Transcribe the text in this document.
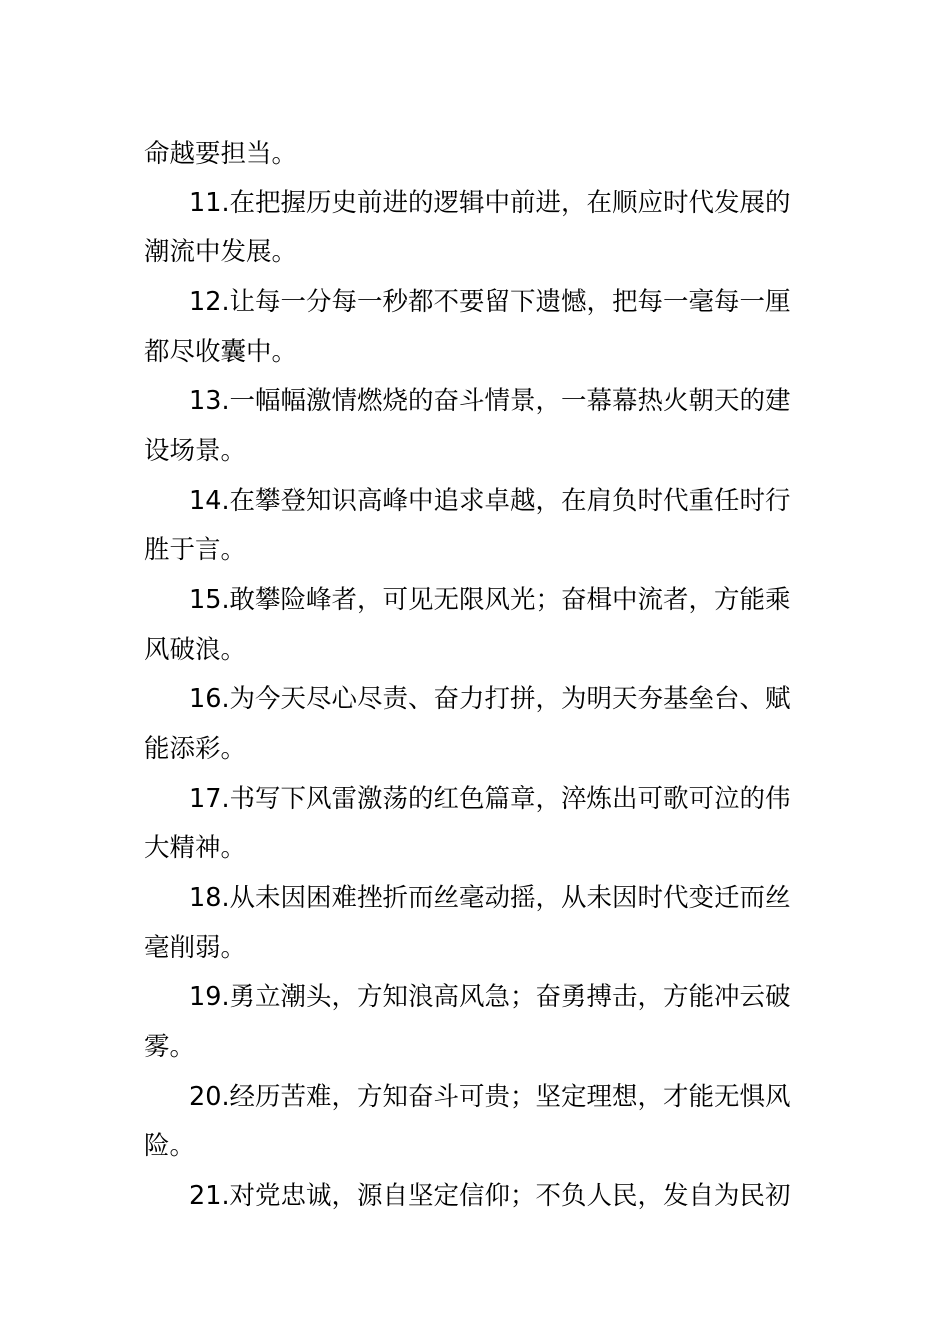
命越要担当。
11.在把握历史前进的逻辑中前进，在顺应时代发展的
潮流中发展。
12.让每一分每一秒都不要留下遗憾，把每一毫每一厘
都尽收囊中。
13.一幅幅激情燃烧的奋斗情景，一幕幕热火朝天的建
设场景。
14.在攀登知识高峰中追求卓越，在肩负时代重任时行
胜于言。
15.敢攀险峰者，可见无限风光；奋楫中流者，方能乘
风破浪。
16.为今天尽心尽责、奋力打拼，为明天夯基垒台、赋
能添彩。
17.书写下风雷激荡的红色篇章，淬炼出可歌可泣的伟
大精神。
18.从未因困难挫折而丝毫动摇，从未因时代变迁而丝
毫削弱。
19.勇立潮头，方知浪高风急；奋勇搏击，方能冲云破
雾。
20.经历苦难，方知奋斗可贵；坚定理想，才能无惧风
险。
21.对党忠诚，源自坚定信仰；不负人民，发自为民初
